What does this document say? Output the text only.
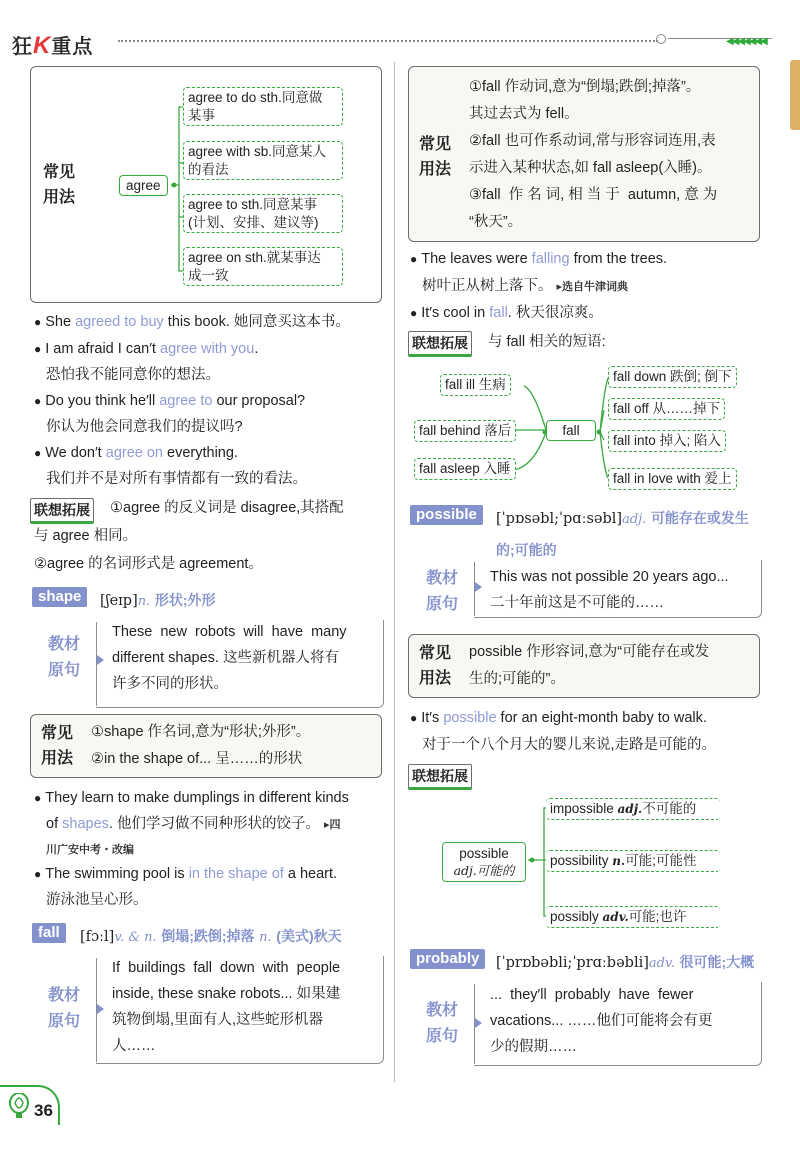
狂K重点	◀◀◀◀◀◀◀
常见
用法
agree
agree to do sth.同意做
某事
agree with sb.同意某人
的看法
agree to sth.同意某事
(计划、安排、建议等)
agree on sth.就某事达
成一致
● She agreed to buy this book. 她同意买这本书。
● I am afraid I can′t agree with you.
恐怕我不能同意你的想法。
● Do you think he′ll agree to our proposal?
你认为他会同意我们的提议吗?
● We don′t agree on everything.
我们并不是对所有事情都有一致的看法。
联想拓展 ①agree 的反义词是 disagree,其搭配
与 agree 相同。
②agree 的名词形式是 agreement。
shape	[ʃeɪp]n. 形状;外形
教材
原句
These  new  robots  will  have  many
different shapes. 这些新机器人将有
许多不同的形状。
常见
用法
①shape 作名词,意为“形状;外形”。
②in the shape of... 呈……的形状
● They learn to make dumplings in different kinds
of shapes. 他们学习做不同种形状的饺子。 ▸四
川广安中考・改编
● The swimming pool is in the shape of a heart.
游泳池呈心形。
fall	[fɔːl]v. & n. 倒塌;跌倒;掉落 n. (美式)秋天
教材
原句
If  buildings  fall  down  with  people
inside, these snake robots... 如果建
筑物倒塌,里面有人,这些蛇形机器
人……
36
常见
用法
①fall 作动词,意为“倒塌;跌倒;掉落”。
其过去式为 fell。
②fall 也可作系动词,常与形容词连用,表
示进入某种状态,如 fall asleep(入睡)。
③fall  作 名 词, 相 当 于  autumn, 意 为
“秋天”。
● The leaves were falling from the trees.
树叶正从树上落下。 ▸选自牛津词典
● It′s cool in fall. 秋天很凉爽。
联想拓展 与 fall 相关的短语:
fall
fall ill 生病
fall behind 落后
fall asleep 入睡
fall down 跌倒; 倒下
fall off 从……掉下
fall into 掉入; 陷入
fall in love with 爱上
possible	[ˈpɒsəbl;ˈpɑːsəbl]adj. 可能存在或发生
的;可能的
教材
原句
This was not possible 20 years ago...
二十年前这是不可能的……
常见
用法
possible 作形容词,意为“可能存在或发
生的;可能的”。
● It′s possible for an eight-month baby to walk.
对于一个八个月大的婴儿来说,走路是可能的。
联想拓展
possible
adj.可能的
impossible adj.不可能的
possibility n.可能;可能性
possibly adv.可能;也许
probably	[ˈprɒbəbli;ˈprɑːbəbli]adv. 很可能;大概
教材
原句
...  they′ll  probably  have  fewer
vacations... ……他们可能将会有更
少的假期……
